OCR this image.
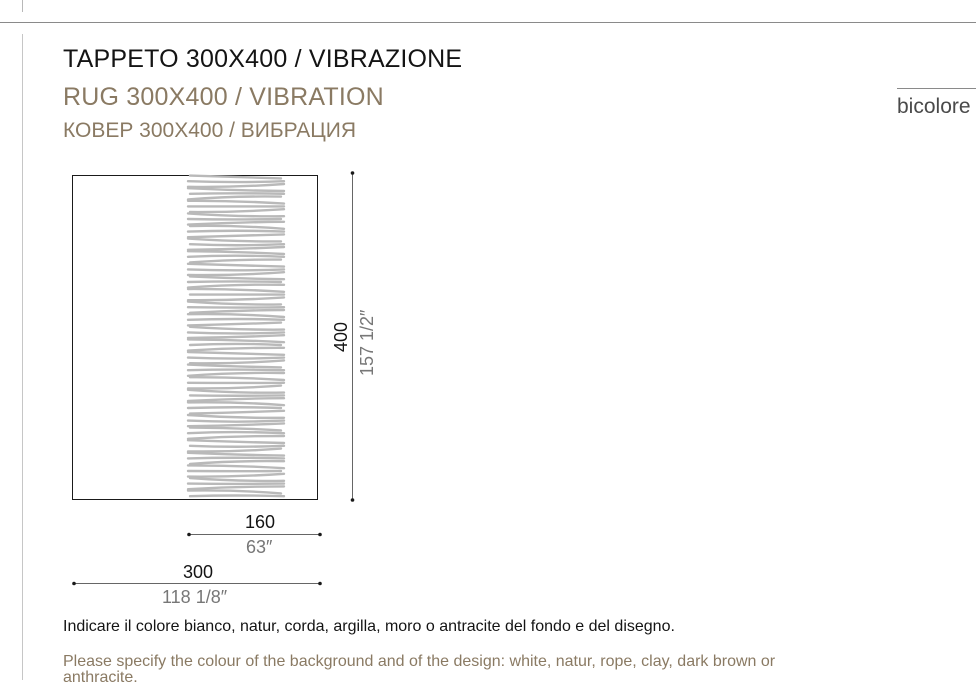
TAPPETO 300X400 / VIBRAZIONE
RUG 300X400 / VIBRATION
КОВЕР 300X400 / ВИБРАЦИЯ
bicolore
400 157 1/2″
160
63″
300
118 1/8″
Indicare il colore bianco, natur, corda, argilla, moro o antracite del fondo e del disegno.
Please specify the colour of the background and of the design: white, natur, rope, clay, dark brown or anthracite.
